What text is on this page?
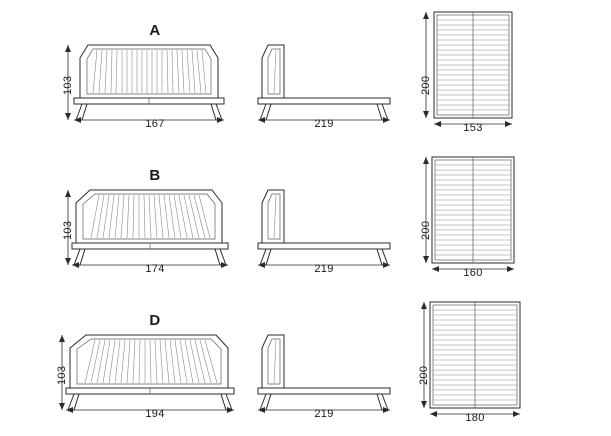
A
167
103
219	153
200
B
174
103
219	160
200
D
194
103
219	180
200
